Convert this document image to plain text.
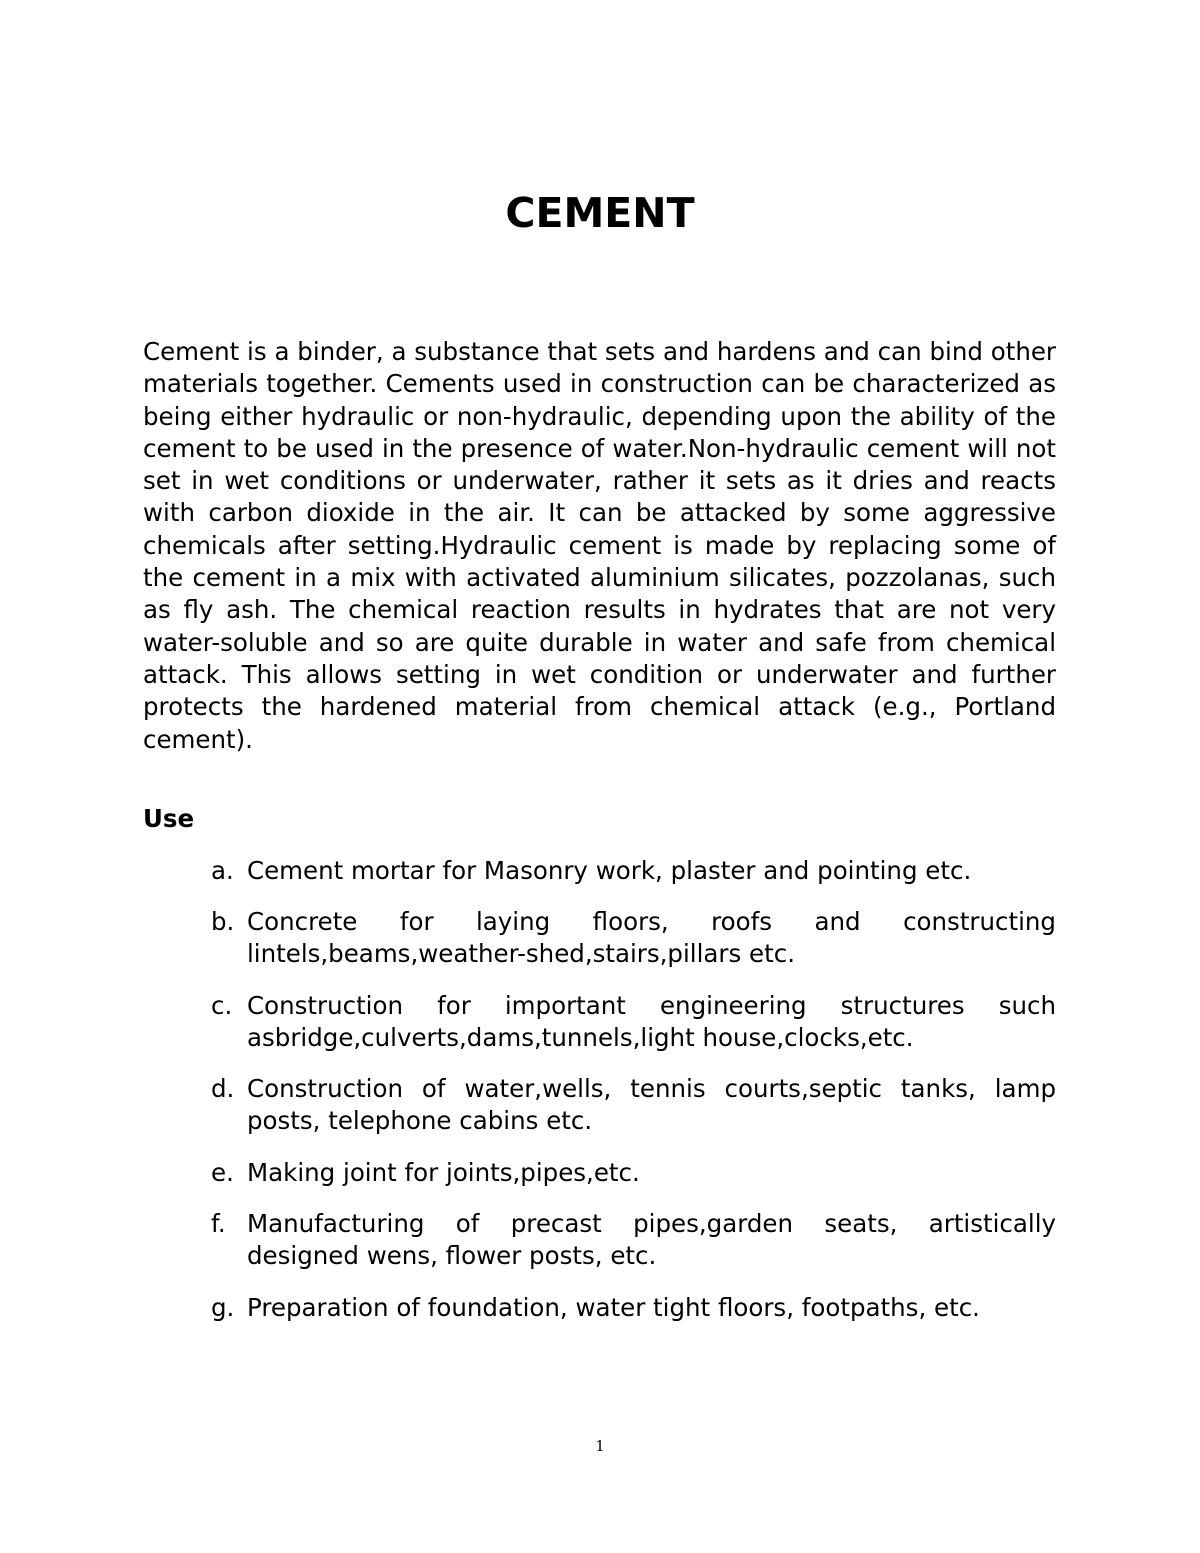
CEMENT

Cement is a binder, a substance that sets and hardens and can bind other materials together. Cements used in construction can be characterized as being either hydraulic or non-hydraulic, depending upon the ability of the cement to be used in the presence of water.Non-hydraulic cement will not set in wet conditions or underwater, rather it sets as it dries and reacts with carbon dioxide in the air. It can be attacked by some aggressive chemicals after setting.Hydraulic cement is made by replacing some of the cement in a mix with activated aluminium silicates, pozzolanas, such as fly ash. The chemical reaction results in hydrates that are not very water-soluble and so are quite durable in water and safe from chemical attack. This allows setting in wet condition or underwater and further protects the hardened material from chemical attack (e.g., Portland cement).

Use
a. Cement mortar for Masonry work, plaster and pointing etc.
b. Concrete for laying floors, roofs and constructing lintels,beams,weather-shed,stairs,pillars etc.
c. Construction for important engineering structures such asbridge,culverts,dams,tunnels,light house,clocks,etc.
d. Construction of water,wells, tennis courts,septic tanks, lamp posts, telephone cabins etc.
e. Making joint for joints,pipes,etc.
f. Manufacturing of precast pipes,garden seats, artistically designed wens, flower posts, etc.
g. Preparation of foundation, water tight floors, footpaths, etc.
1
